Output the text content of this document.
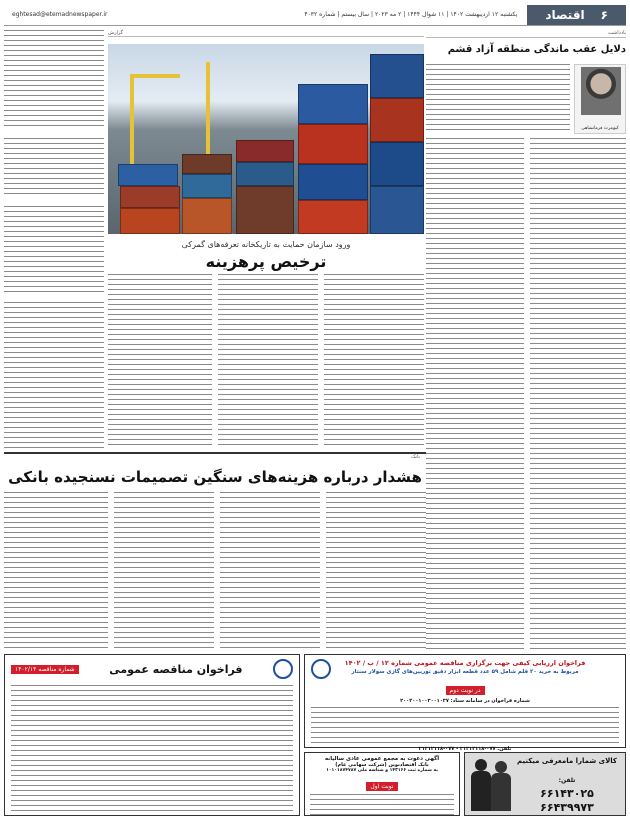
۶
اقتصاد
یکشنبه ۱۲ اردیبهشت ۱۴۰۲ | ۱۱ شوال ۱۴۴۴ | ۲ مه ۲۰۲۳ | سال بیستم | شماره ۴۰۳۲
eghtesad@etemadnewspaper.ir
یادداشت
دلایل عقب ماندگی منطقه آزاد قشم
کیومرث فرمانشاهی
گزارش
ورود سازمان حمایت به تاریکخانه تعرفه‌های گمرکی
ترخیص پرهزینه

بانک
هشدار درباره هزینه‌های سنگین تصمیمات نسنجیده بانکی
فراخوان ارزیابی کیفی جهت برگزاری مناقصه عمومی شماره ۱۲ / ب / ۱۴۰۲
مربوط به خرید ۲۰ قلم شامل ۵۹ عدد قطعه ابزار دقیق توربین‌های گازی سولار سنتار
در نوبت دوم
شماره فراخوان در سامانه ستاد: ۲۰۰۲۰۰۱۰۰۳۰۰۱۰۳۷
تلفن: ۰۷۷-۳۱۳۱۲۱۱۸ - ۰۷۷-۳۱۳۱۲۱۱۸
فراخوان مناقصه عمومی
شماره مناقصه ۱۴۰۲/۱۴
آگهی دعوت به مجمع عمومی عادی سالیانه
بانک اقتصادنوین (شرکت سهامی عام)
به شماره ثبت ۱۴۳۱۶۶ و شناسه ملی ۱۰۱۰۱۸۷۴۷۸۷
نوبت اول
کالای شمارا مامعرفی میکنیم
تلفن:
۶۶۱۴۳۰۲۵
۶۶۴۳۹۹۷۳
